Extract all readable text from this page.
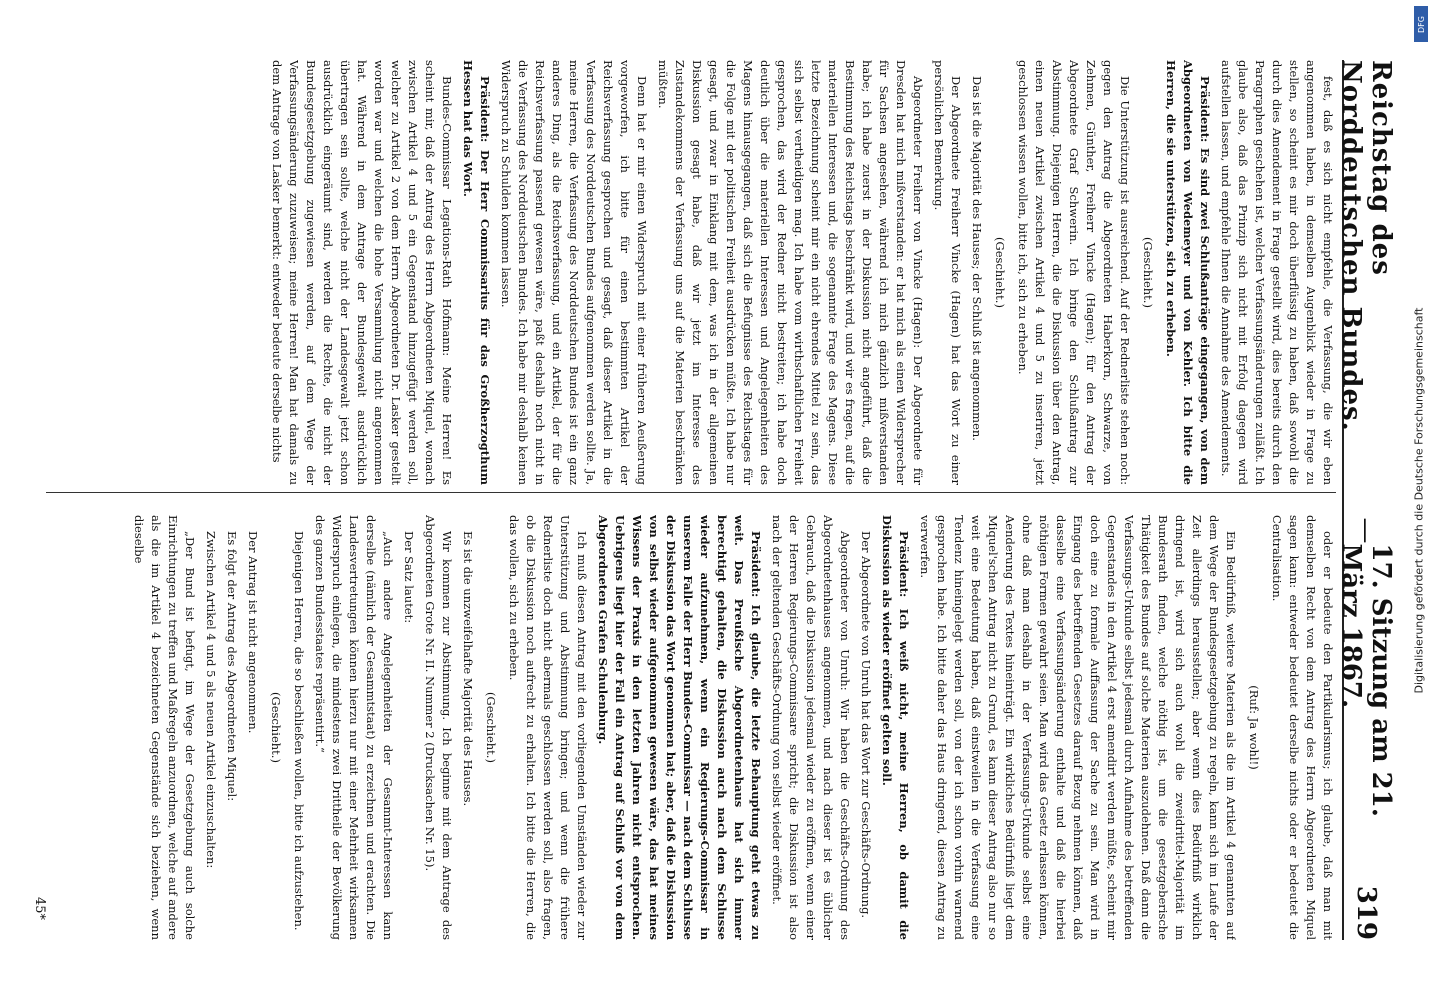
Reichstag des Norddeutschen Bundes.
—
17. Sitzung am 21. März 1867.
319

fest, daß es sich nicht empfehle, die Verfassung, die wir eben angenommen haben, in demselben Augenblick wieder in Frage zu stellen, so scheint es mir doch überflüssig zu haben, daß sowohl die durch dies Amendement in Frage gestellt wird, dies bereits durch den Paragraphen geschehen ist, welcher Verfassungsänderungen zuläßt. Ich glaube also, daß das Prinzip sich nicht mit Erfolg dagegen wird aufstellen lassen, und empfehle Ihnen die Annahme des Amendements.

Präsident: Es sind zwei Schlußanträge eingegangen, von dem Abgeordneten von Wedemeyer und von Kehler. Ich bitte die Herren, die sie unterstützen, sich zu erheben.

(Geschieht.)

Die Unterstützung ist ausreichend. Auf der Rednerliste stehen noch: gegen den Antrag die Abgeordneten Haberkorn, Schwarze, von Zehmen, Günther, Freiherr Vincke (Hagen); für den Antrag der Abgeordnete Graf Schwerin. Ich bringe den Schlußantrag zur Abstimmung. Diejenigen Herren, die die Diskussion über den Antrag, einen neuen Artikel zwischen Artikel 4 und 5 zu inseriren, jetzt geschlossen wissen wollen, bitte ich, sich zu erheben.

(Geschieht.)

Das ist die Majorität des Hauses; der Schluß ist angenommen.

Der Abgeordnete Freiherr Vincke (Hagen) hat das Wort zu einer persönlichen Bemerkung.

Abgeordneter Freiherr von Vincke (Hagen): Der Abgeordnete für Dresden hat mich mißverstanden: er hat mich als einen Widersprecher für Sachsen angesehen, während ich mich gänzlich mißverstanden habe; ich habe zuerst in der Diskussion nicht angeführt, daß die Bestimmung des Reichstags beschränkt wird, und wir es fragen, auf die materiellen Interessen und, die sogenannte Frage des Magens. Diese letzte Bezeichnung scheint mir ein nicht ehrendes Mittel zu sein, das sich selbst vertheidigen mag. Ich habe vom wirthschaftlichen Freiheit gesprochen, das wird der Redner nicht bestreiten; ich habe doch deutlich über die materiellen Interessen und Angelegenheiten des Magens hinausgegangen, daß sich die Befugnisse des Reichstages für die Folge mit der politischen Freiheit ausdrücken müßte. Ich habe nur gesagt, und zwar in Einklang mit dem, was ich in der allgemeinen Diskussion gesagt habe, daß wir jetzt im Interesse des Zustandekommens der Verfassung uns auf die Materien beschränken müßten.

Denn hat er mir einen Widerspruch mit einer früheren Aeußerung vorgeworfen, ich bitte für einen bestimmten Artikel der Reichsverfassung gesprochen und gesagt, daß dieser Artikel in die Verfassung des Norddeutschen Bundes aufgenommen werden sollte. Ja, meine Herren, die Verfassung des Norddeutschen Bundes ist ein ganz anderes Ding, als die Reichsverfassung, und ein Artikel, der für die Reichsverfassung passend gewesen wäre, paßt deshalb noch nicht in die Verfassung des Norddeutschen Bundes. Ich habe mir deshalb keinen Widerspruch zu Schulden kommen lassen.

Präsident: Der Herr Commissarius für das Großherzogthum Hessen hat das Wort.

Bundes-Commissar Legations-Rath Hofmann: Meine Herren! Es scheint mir, daß der Antrag des Herrn Abgeordneten Miquel, wonach zwischen Artikel 4 und 5 ein Gegenstand hinzugefügt werden soll, welcher zu Artikel 2 von dem Herrn Abgeordneten Dr. Lasker gestellt worden war und welchen die hohe Versammlung nicht angenommen hat. Während in dem Antrage der Bundesgewalt ausdrücklich übertragen sein sollte, welche nicht der Landesgewalt jetzt schon ausdrücklich eingeräumt sind, werden die Rechte, die nicht der Bundesgesetzgebung zugewiesen werden, auf dem Wege der Verfassungsänderung zuzuweisen; meine Herren! Man hat damals zu dem Antrage von Lasker bemerkt: entweder bedeute derselbe nichts

oder er bedeute den Partikularismus; ich glaube, daß man mit demselben Recht von dem Antrag des Herrn Abgeordneten Miquel sagen kann: entweder bedeutet derselbe nichts oder er bedeutet die Centralisation.

(Ruf: Ja wohl!)

Ein Bedürfniß, weitere Materien als die im Artikel 4 genannten auf dem Wege der Bundesgesetzgebung zu regeln, kann sich im Laufe der Zeit allerdings herausstellen; aber wenn dies Bedürfniß wirklich dringend ist, wird sich auch wohl die zweidrittel-Majorität im Bundesrath finden, welche nöthig ist, um die gesetzgeberische Thätigkeit des Bundes auf solche Materien auszudehnen. Daß dann die Verfassungs-Urkunde selbst jedesmal durch Aufnahme des betreffenden Gegenstandes in den Artikel 4 erst amendirt werden müßte, scheint mir doch eine zu formale Auffassung der Sache zu sein. Man wird in Eingang des betreffenden Gesetzes darauf Bezug nehmen können, daß dasselbe eine Verfassungsänderung enthalte und daß die hierbei nöthigen Formen gewahrt seien. Man wird das Gesetz erlassen können, ohne daß man deshalb in der Verfassungs-Urkunde selbst eine Aenderung des Textes hineinträgt. Ein wirkliches Bedürfniß liegt dem Miquel'schen Antrag nicht zu Grund, es kann dieser Antrag also nur so weit eine Bedeutung haben, daß einstweilen in die Verfassung eine Tendenz hineingelegt werden soll, von der ich schon vorhin warnend gesprochen habe. Ich bitte daher das Haus dringend, diesen Antrag zu verwerfen.

Präsident: Ich weiß nicht, meine Herren, ob damit die Diskussion als wieder eröffnet gelten soll.

Der Abgeordnete von Unruh hat das Wort zur Geschäfts-Ordnung.

Abgeordneter von Unruh: Wir haben die Geschäfts-Ordnung des Abgeordnetenhauses angenommen, und nach dieser ist es üblicher Gebrauch, daß die Diskussion jedesmal wieder zu eröffnen, wenn einer der Herren Regierungs-Commissare spricht; die Diskussion ist also nach der geltenden Geschäfts-Ordnung von selbst wieder eröffnet.

Präsident: Ich glaube, die letzte Behauptung geht etwas zu weit. Das Preußische Abgeordnetenhaus hat sich immer berechtigt gehalten, die Diskussion auch nach dem Schlusse wieder aufzunehmen, wenn ein Regierungs-Commissar in unserem Falle der Herr Bundes-Commissar — nach dem Schlusse der Diskussion das Wort genommen hat; aber, daß die Diskussion von selbst wieder aufgenommen gewesen wäre, das hat meines Wissens der Praxis in den letzten Jahren nicht entsprochen. Uebrigens liegt hier der Fall ein Antrag auf Schluß vor von dem Abgeordneten Grafen Schulenburg.

Ich muß diesen Antrag mit den vorliegenden Umständen wieder zur Unterstützung und Abstimmung bringen; und wenn die frühere Rednerliste doch nicht abermals geschlossen werden soll, also fragen, ob die Diskussion noch aufrecht zu erhalten. Ich bitte die Herren, die das wollen, sich zu erheben.

(Geschieht.)

Es ist die unzweifelhafte Majorität des Hauses.

Wir kommen zur Abstimmung. Ich beginne mit dem Antrage des Abgeordneten Grote Nr. II. Nummer 2 (Drucksachen Nr. 15).

Der Satz lautet:

„Auch andere Angelegenheiten der Gesammt-Interessen kann derselbe (nämlich der Gesammtstaat) zu erzeichnen und erachten. Die Landesvertretungen können hierzu nur mit einer Mehrheit wirksamen Widerspruch einlegen, die mindestens zwei Drittheile der Bevölkerung des ganzen Bundesstaates repräsentirt.“

Diejenigen Herren, die so beschließen wollen, bitte ich aufzustehen.

(Geschieht.)

Der Antrag ist nicht angenommen.

Es folgt der Antrag des Abgeordneten Miquel:

Zwischen Artikel 4 und 5 als neuen Artikel einzuschalten:

„Der Bund ist befugt, im Wege der Gesetzgebung auch solche Einrichtungen zu treffen und Maßregeln anzuordnen, welche auf andere als die im Artikel 4 bezeichneten Gegenstände sich beziehen, wenn dieselbe

45*
DFG
Digitalisierung gefördert durch die Deutsche Forschungsgemeinschaft
